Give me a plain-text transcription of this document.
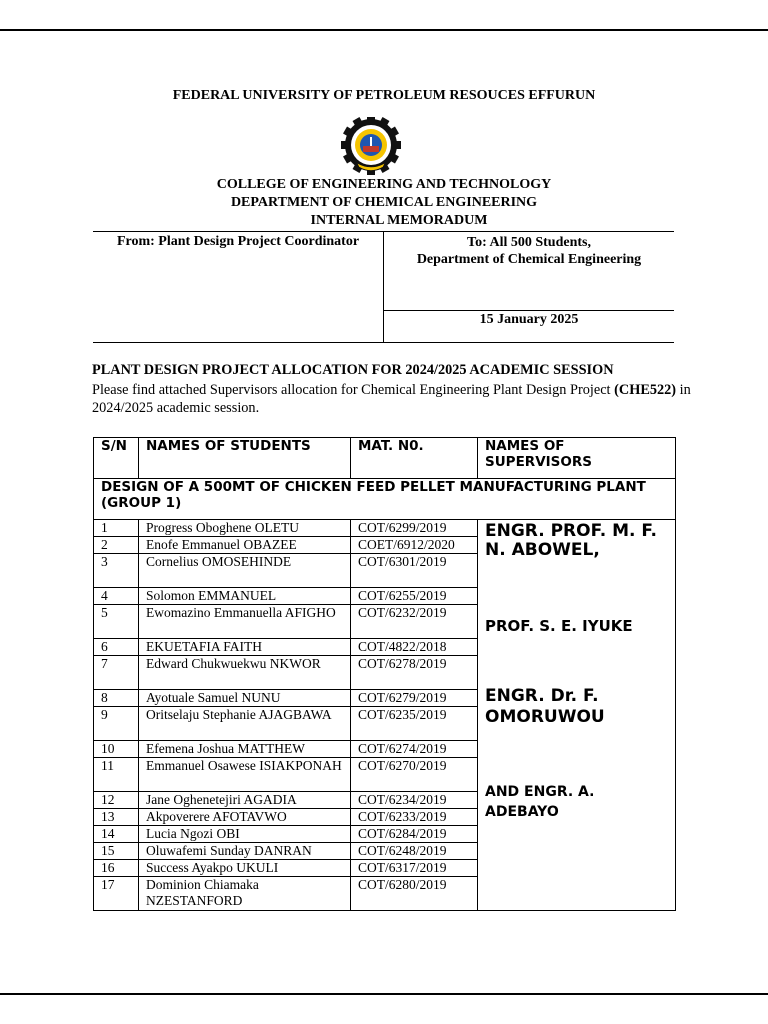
FEDERAL UNIVERSITY OF PETROLEUM RESOUCES EFFURUN
COLLEGE OF ENGINEERING AND TECHNOLOGY
DEPARTMENT OF CHEMICAL ENGINEERING
INTERNAL MEMORADUM
From: Plant Design Project Coordinator	To: All 500 Students,
Department of Chemical Engineering
15 January 2025
PLANT DESIGN PROJECT ALLOCATION FOR 2024/2025 ACADEMIC SESSION
Please find attached Supervisors allocation for Chemical Engineering Plant Design Project (CHE522) in 2024/2025 academic session.
S/N	NAMES OF STUDENTS	MAT. N0.	NAMES OF SUPERVISORS
DESIGN OF A 500MT OF CHICKEN FEED PELLET MANUFACTURING PLANT (GROUP 1)			
1	Progress Oboghene OLETU	COT/6299/2019	ENGR. PROF. M. F. N. ABOWEL,
PROF. S. E. IYUKE
ENGR. Dr. F. OMORUWOU
AND ENGR. A. ADEBAYO

2	Enofe Emmanuel OBAZEE	COET/6912/2020	
3	Cornelius OMOSEHINDE	COT/6301/2019	
4	Solomon EMMANUEL	COT/6255/2019	
5	Ewomazino Emmanuella AFIGHO	COT/6232/2019	
6	EKUETAFIA FAITH	COT/4822/2018	
7	Edward Chukwuekwu NKWOR	COT/6278/2019	
8	Ayotuale Samuel NUNU	COT/6279/2019	
9	Oritselaju Stephanie AJAGBAWA	COT/6235/2019	
10	Efemena Joshua MATTHEW	COT/6274/2019	
11	Emmanuel Osawese ISIAKPONAH	COT/6270/2019	
12	Jane Oghenetejiri AGADIA	COT/6234/2019	
13	Akpoverere AFOTAVWO	COT/6233/2019	
14	Lucia Ngozi OBI	COT/6284/2019	
15	Oluwafemi Sunday DANRAN	COT/6248/2019	
16	Success Ayakpo UKULI	COT/6317/2019	
17	Dominion Chiamaka NZESTANFORD	COT/6280/2019	
